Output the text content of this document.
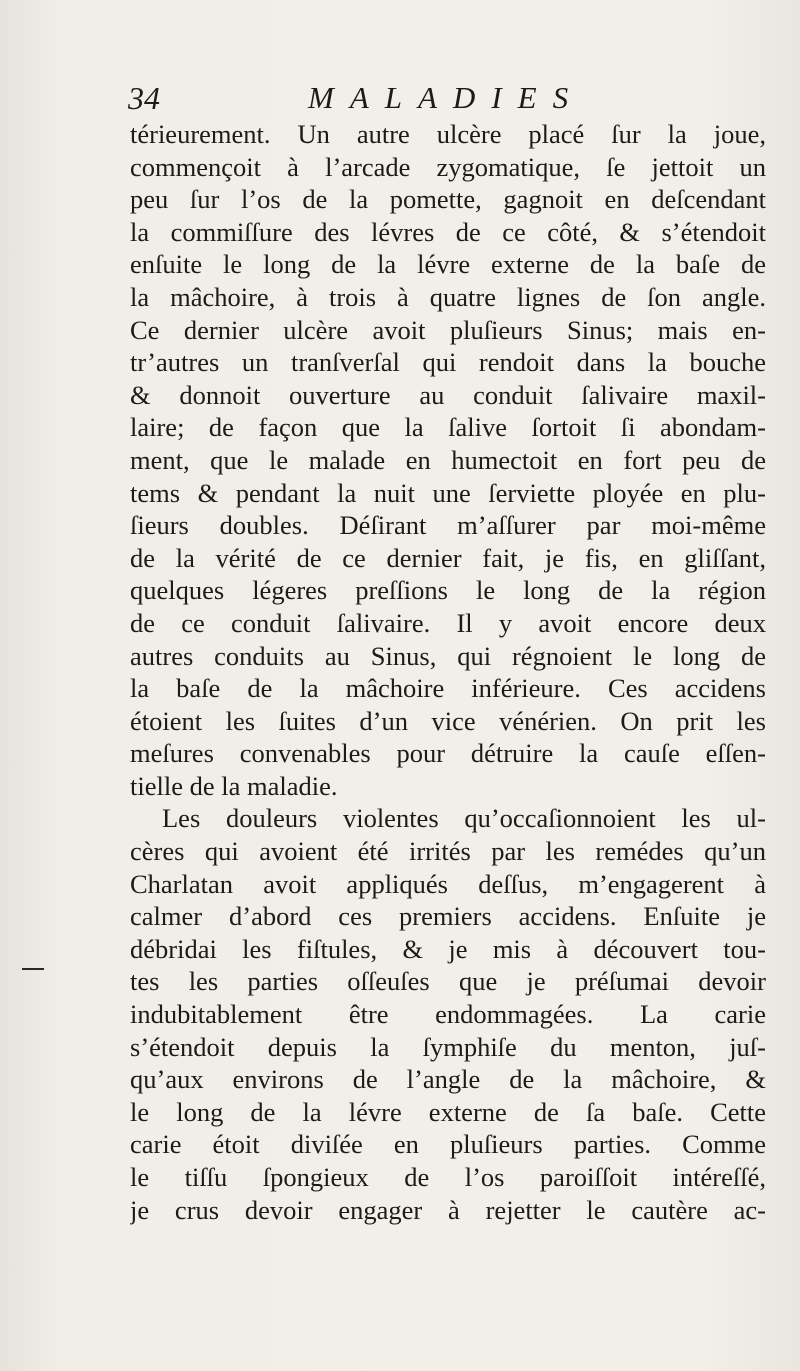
34	MALADIES
térieurement. Un autre ulcère placé ſur la joue,
commençoit à l’arcade zygomatique, ſe jettoit un
peu ſur l’os de la pomette, gagnoit en deſcendant
la commiſſure des lévres de ce côté, & s’étendoit
enſuite le long de la lévre externe de la baſe de
la mâchoire, à trois à quatre lignes de ſon angle.
Ce dernier ulcère avoit pluſieurs Sinus; mais en-
tr’autres un tranſverſal qui rendoit dans la bouche
& donnoit ouverture au conduit ſalivaire maxil-
laire; de façon que la ſalive ſortoit ſi abondam-
ment, que le malade en humectoit en fort peu de
tems & pendant la nuit une ſerviette ployée en plu-
ſieurs doubles. Déſirant m’aſſurer par moi-même
de la vérité de ce dernier fait, je fis, en gliſſant,
quelques légeres preſſions le long de la région
de ce conduit ſalivaire. Il y avoit encore deux
autres conduits au Sinus, qui régnoient le long de
la baſe de la mâchoire inférieure. Ces accidens
étoient les ſuites d’un vice vénérien. On prit les
meſures convenables pour détruire la cauſe eſſen-
tielle de la maladie.
Les douleurs violentes qu’occaſionnoient les ul-
cères qui avoient été irrités par les remédes qu’un
Charlatan avoit appliqués deſſus, m’engagerent à
calmer d’abord ces premiers accidens. Enſuite je
débridai les fiſtules, & je mis à découvert tou-
tes les parties oſſeuſes que je préſumai devoir
indubitablement être endommagées. La carie
s’étendoit depuis la ſymphiſe du menton, juſ-
qu’aux environs de l’angle de la mâchoire, &
le long de la lévre externe de ſa baſe. Cette
carie étoit diviſée en pluſieurs parties. Comme
le tiſſu ſpongieux de l’os paroiſſoit intéreſſé,
je crus devoir engager à rejetter le cautère ac-
